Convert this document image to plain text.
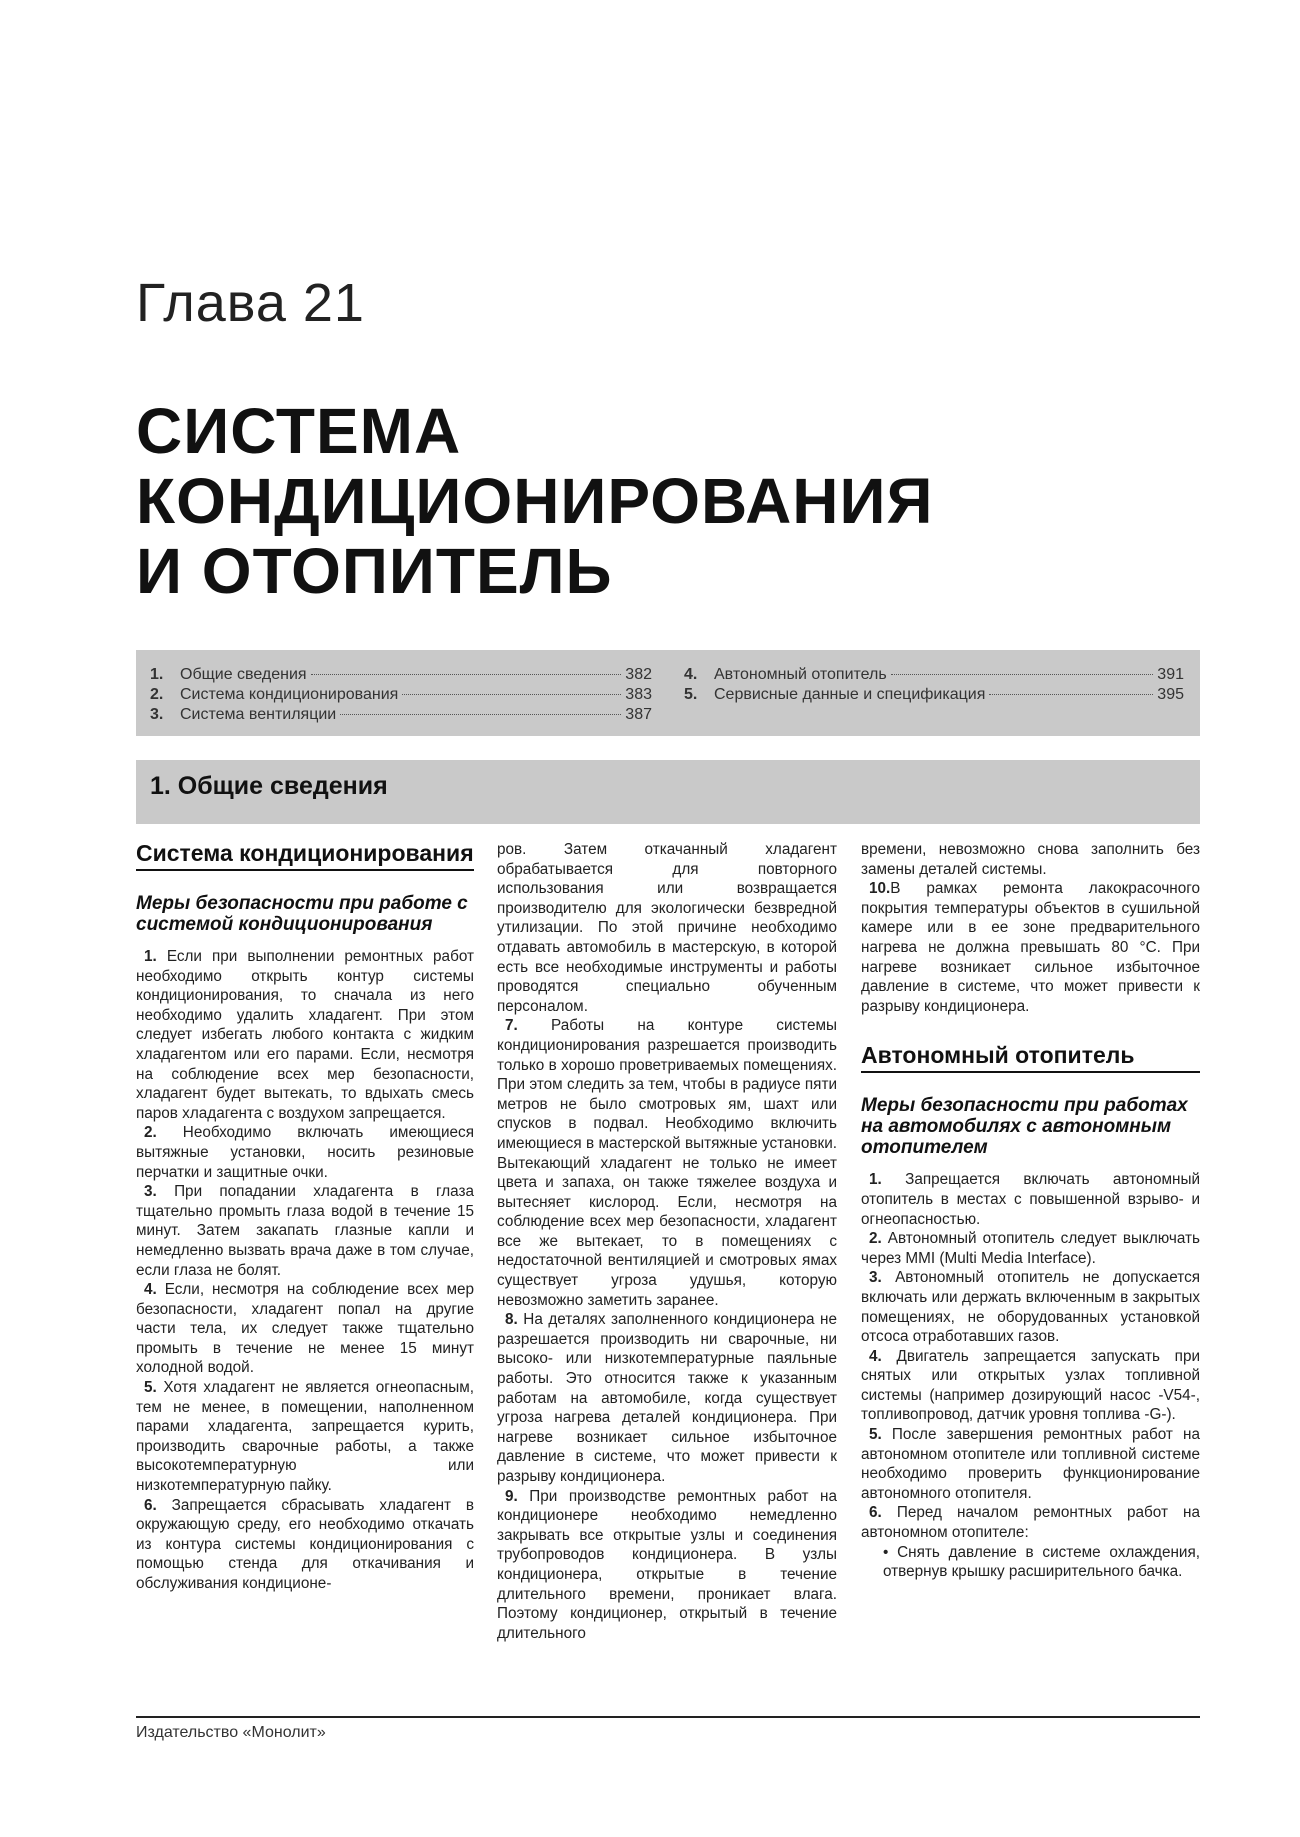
Глава 21
СИСТЕМА
КОНДИЦИОНИРОВАНИЯ
И ОТОПИТЕЛЬ
1.	Общие сведения	382
2.	Система кондиционирования	383
3.	Система вентиляции	387
4.	Автономный отопитель	391
5.	Сервисные данные и спецификация	395
1. Общие сведения
Система кондиционирования
Меры безопасности при работе с системой кондиционирования

1. Если при выполнении ремонтных работ необходимо открыть контур системы кондиционирования, то сначала из него необходимо удалить хладагент. При этом следует избегать любого контакта с жидким хладагентом или его парами. Если, несмотря на соблюдение всех мер безопасности, хладагент будет вытекать, то вдыхать смесь паров хладагента с воздухом запрещается.

2. Необходимо включать имеющиеся вытяжные установки, носить резиновые перчатки и защитные очки.

3. При попадании хладагента в глаза тщательно промыть глаза водой в течение 15 минут. Затем закапать глазные капли и немедленно вызвать врача даже в том случае, если глаза не болят.

4. Если, несмотря на соблюдение всех мер безопасности, хладагент попал на другие части тела, их следует также тщательно промыть в течение не менее 15 минут холодной водой.

5. Хотя хладагент не является огнеопасным, тем не менее, в помещении, наполненном парами хладагента, запрещается курить, производить сварочные работы, а также высокотемпературную или низкотемпературную пайку.

6. Запрещается сбрасывать хладагент в окружающую среду, его необходимо откачать из контура системы кондиционирования с помощью стенда для откачивания и обслуживания кондиционе-

ров. Затем откачанный хладагент обрабатывается для повторного использования или возвращается производителю для экологически безвредной утилизации. По этой причине необходимо отдавать автомобиль в мастерскую, в которой есть все необходимые инструменты и работы проводятся специально обученным персоналом.

7. Работы на контуре системы кондиционирования разрешается производить только в хорошо проветриваемых помещениях. При этом следить за тем, чтобы в радиусе пяти метров не было смотровых ям, шахт или спусков в подвал. Необходимо включить имеющиеся в мастерской вытяжные установки. Вытекающий хладагент не только не имеет цвета и запаха, он также тяжелее воздуха и вытесняет кислород. Если, несмотря на соблюдение всех мер безопасности, хладагент все же вытекает, то в помещениях с недостаточной вентиляцией и смотровых ямах существует угроза удушья, которую невозможно заметить заранее.

8. На деталях заполненного кондиционера не разрешается производить ни сварочные, ни высоко- или низкотемпературные паяльные работы. Это относится также к указанным работам на автомобиле, когда существует угроза нагрева деталей кондиционера. При нагреве возникает сильное избыточное давление в системе, что может привести к разрыву кондиционера.

9. При производстве ремонтных работ на кондиционере необходимо немедленно закрывать все открытые узлы и соединения трубопроводов кондиционера. В узлы кондиционера, открытые в течение длительного времени, проникает влага. Поэтому кондиционер, открытый в течение длительного

времени, невозможно снова заполнить без замены деталей системы.

10.В рамках ремонта лакокрасочного покрытия температуры объектов в сушильной камере или в ее зоне предварительного нагрева не должна превышать 80 °С. При нагреве возникает сильное избыточное давление в системе, что может привести к разрыву кондиционера.

Автономный отопитель
Меры безопасности при работах на автомобилях с автономным отопителем

1. Запрещается включать автономный отопитель в местах с повышенной взрыво- и огнеопасностью.

2. Автономный отопитель следует выключать через MMI (Multi Media Interface).

3. Автономный отопитель не допускается включать или держать включенным в закрытых помещениях, не оборудованных установкой отсоса отработавших газов.

4. Двигатель запрещается запускать при снятых или открытых узлах топливной системы (например дозирующий насос -V54-, топливопровод, датчик уровня топлива -G-).

5. После завершения ремонтных работ на автономном отопителе или топливной системе необходимо проверить функционирование автономного отопителя.

6. Перед началом ремонтных работ на автономном отопителе:

• Снять давление в системе охлаждения, отвернув крышку расширительного бачка.

Издательство «Монолит»
